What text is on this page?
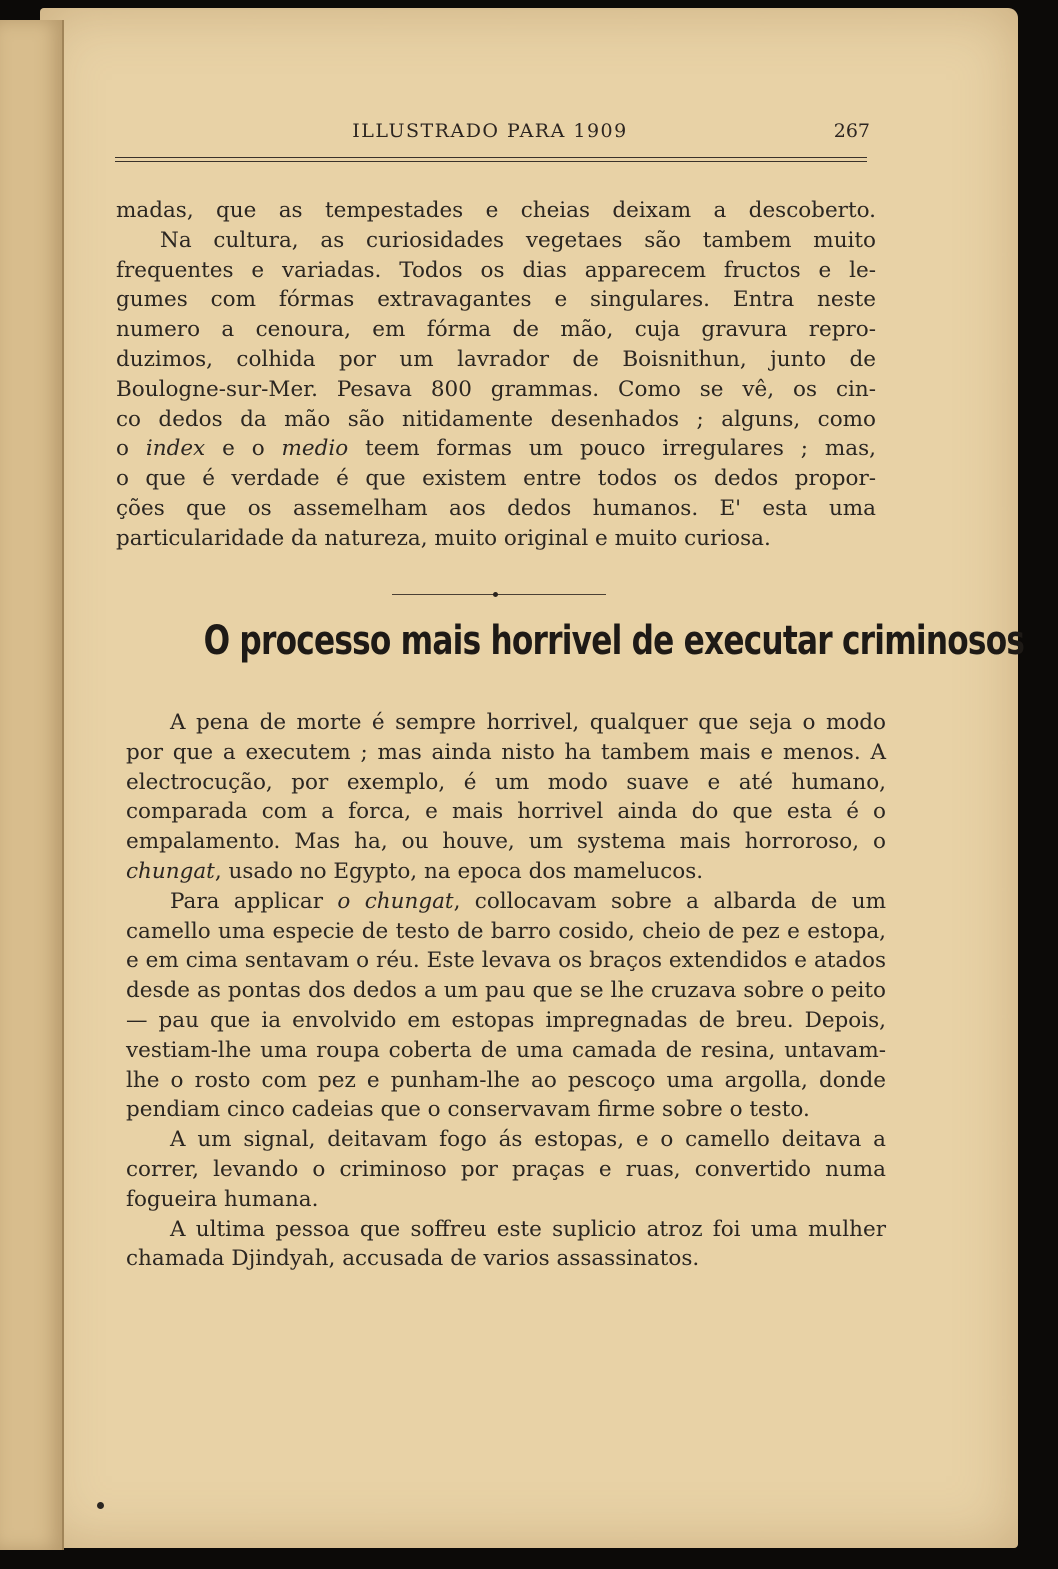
ILLUSTRADO PARA 1909	267

madas, que as tempestades e cheias deixam a descoberto.
Na cultura, as curiosidades vegetaes são tambem muito
frequentes e variadas. Todos os dias apparecem fructos e le-
gumes com fórmas extravagantes e singulares. Entra neste
numero a cenoura, em fórma de mão, cuja gravura repro-
duzimos, colhida por um lavrador de Boisnithun, junto de
Boulogne-sur-Mer. Pesava 800 grammas. Como se vê, os cin-
co dedos da mão são nitidamente desenhados ; alguns, como
o index e o medio teem formas um pouco irregulares ; mas,
o que é verdade é que existem entre todos os dedos propor-
ções que os assemelham aos dedos humanos. E' esta uma
particularidade da natureza, muito original e muito curiosa.

O processo mais horrivel de executar criminosos

A pena de morte é sempre horrivel, qualquer que seja o modo por que a executem ; mas ainda nisto ha tambem mais e menos. A electrocução, por exemplo, é um modo suave e até humano, comparada com a forca, e mais horrivel ainda do que esta é o empalamento. Mas ha, ou houve, um systema mais horroroso, o chungat, usado no Egypto, na epoca dos mamelucos.

Para applicar o chungat, collocavam sobre a albarda de um camello uma especie de testo de barro cosido, cheio de pez e estopa, e em cima sentavam o réu. Este levava os braços extendidos e atados desde as pontas dos dedos a um pau que se lhe cruzava sobre o peito — pau que ia envolvido em estopas impregnadas de breu. Depois, vestiam-lhe uma roupa coberta de uma camada de resina, untavam-lhe o rosto com pez e punham-lhe ao pescoço uma argolla, donde pendiam cinco cadeias que o conservavam firme sobre o testo.

A um signal, deitavam fogo ás estopas, e o camello deitava a correr, levando o criminoso por praças e ruas, convertido numa fogueira humana.

A ultima pessoa que soffreu este suplicio atroz foi uma mulher chamada Djindyah, accusada de varios assassinatos.
